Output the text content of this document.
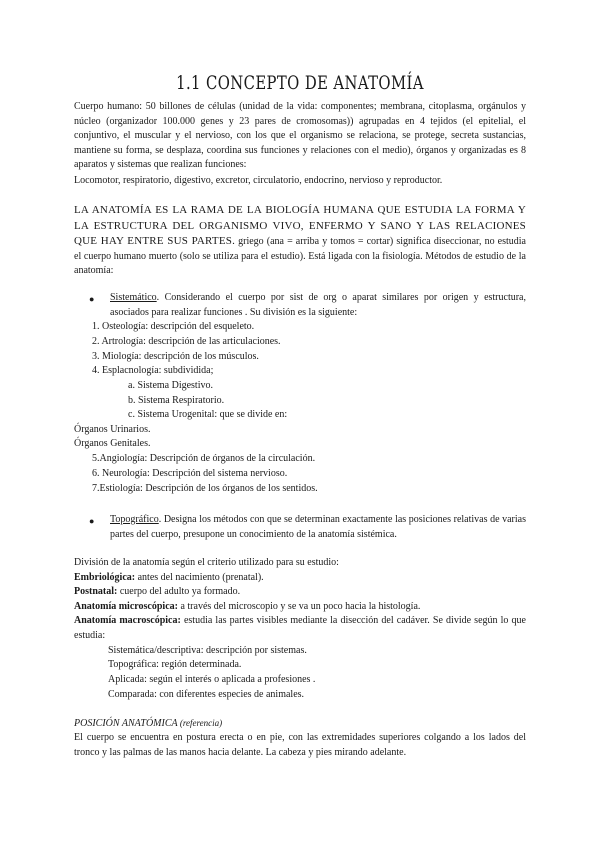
1.1 CONCEPTO DE ANATOMÍA

Cuerpo humano: 50 billones de células (unidad de la vida: componentes; membrana, citoplasma, orgánulos y núcleo (organizador 100.000 genes y 23 pares de cromosomas)) agrupadas en 4 tejidos (el epitelial, el conjuntivo, el muscular y el nervioso, con los que el organismo se relaciona, se protege, secreta sustancias, mantiene su forma, se desplaza, coordina sus funciones y relaciones con el medio), órganos y organizadas es 8 aparatos y sistemas que realizan funciones:

Locomotor, respiratorio, digestivo, excretor, circulatorio, endocrino, nervioso y reproductor.

LA ANATOMÍA ES LA RAMA DE LA BIOLOGÍA HUMANA QUE ESTUDIA LA FORMA Y LA ESTRUCTURA DEL ORGANISMO VIVO, ENFERMO Y SANO Y LAS RELACIONES QUE HAY ENTRE SUS PARTES. griego (ana = arriba y tomos = cortar) significa diseccionar, no estudia el cuerpo humano muerto (solo se utiliza para el estudio). Está ligada con la fisiología. Métodos de estudio de la anatomía:

● Sistemático. Considerando el cuerpo por sist de org o aparat similares por origen y estructura, asociados para realizar funciones . Su división es la siguiente:

1. Osteología: descripción del esqueleto.

2. Artrología: descripción de las articulaciones.

3. Miología: descripción de los músculos.

4. Esplacnología: subdividida;

a. Sistema Digestivo.

b. Sistema Respiratorio.

c. Sistema Urogenital: que se divide en:

Órganos Urinarios.

Órganos Genitales.

5.Angiología: Descripción de órganos de la circulación.

6. Neurología: Descripción del sistema nervioso.

7.Estiología: Descripción de los órganos de los sentidos.

● Topográfico. Designa los métodos con que se determinan exactamente las posiciones relativas de varias partes del cuerpo, presupone un conocimiento de la anatomía sistémica.

División de la anatomía según el criterio utilizado para su estudio:

Embriológica: antes del nacimiento (prenatal).

Postnatal: cuerpo del adulto ya formado.

Anatomía microscópica: a través del microscopio y se va un poco hacia la histología.

Anatomía macroscópica: estudia las partes visibles mediante la disección del cadáver. Se divide según lo que estudia:

Sistemática/descriptiva: descripción por sistemas.

Topográfica: región determinada.

Aplicada: según el interés o aplicada a profesiones .

Comparada: con diferentes especies de animales.

POSICIÓN ANATÓMICA (referencia)

El cuerpo se encuentra en postura erecta o en pie, con las extremidades superiores colgando a los lados del tronco y las palmas de las manos hacia delante. La cabeza y pies mirando adelante.
